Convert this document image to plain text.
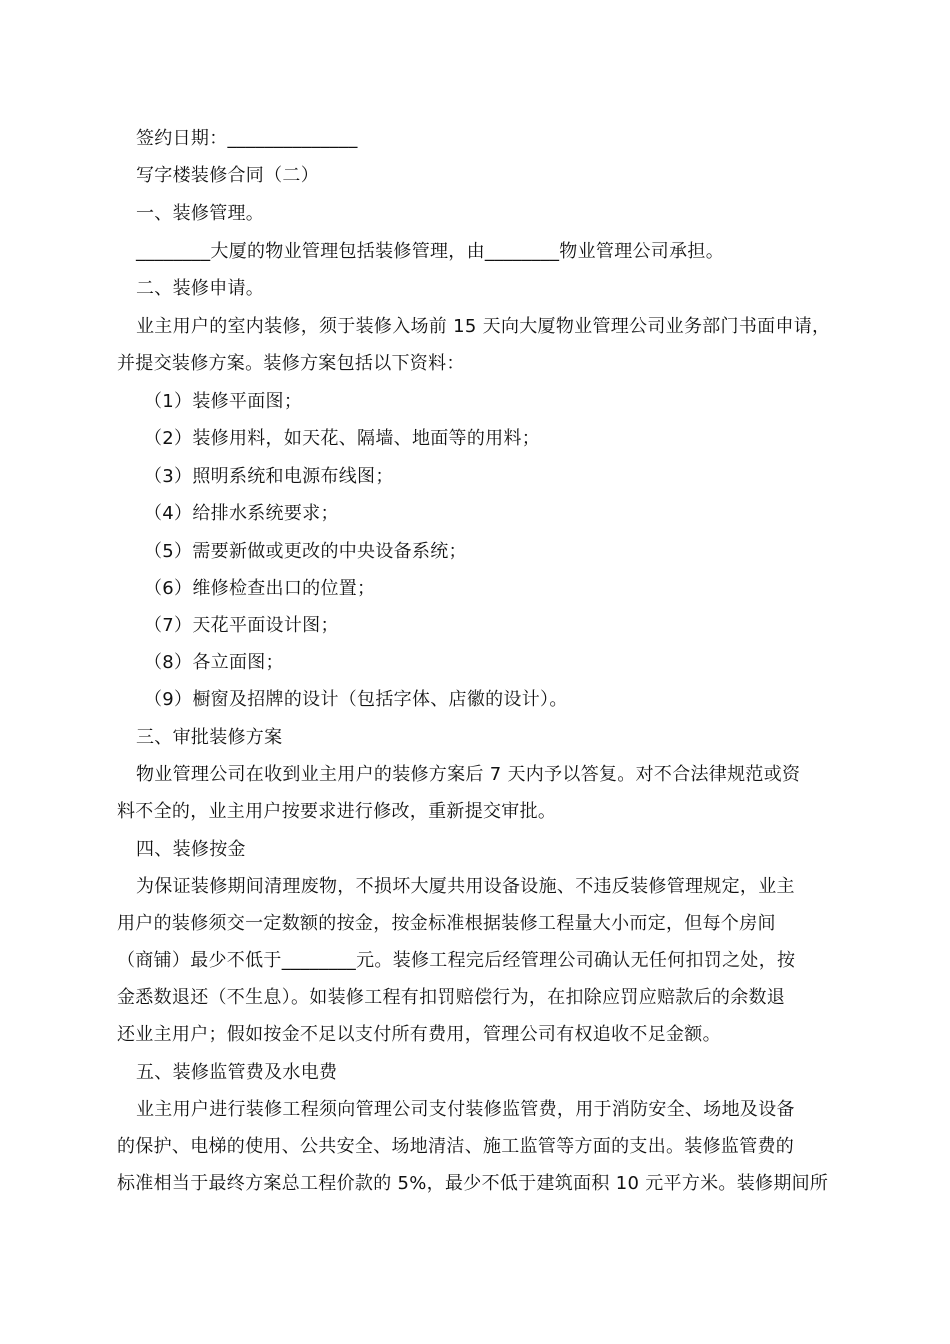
签约日期：______________
写字楼装修合同（二）
一、装修管理。
________大厦的物业管理包括装修管理，由________物业管理公司承担。
二、装修申请。
业主用户的室内装修，须于装修入场前 15 天向大厦物业管理公司业务部门书面申请，
并提交装修方案。装修方案包括以下资料：
（1）装修平面图；
（2）装修用料，如天花、隔墙、地面等的用料；
（3）照明系统和电源布线图；
（4）给排水系统要求；
（5）需要新做或更改的中央设备系统；
（6）维修检查出口的位置；
（7）天花平面设计图；
（8）各立面图；
（9）橱窗及招牌的设计（包括字体、店徽的设计）。
三、审批装修方案
物业管理公司在收到业主用户的装修方案后 7 天内予以答复。对不合法律规范或资
料不全的，业主用户按要求进行修改，重新提交审批。
四、装修按金
为保证装修期间清理废物，不损坏大厦共用设备设施、不违反装修管理规定，业主
用户的装修须交一定数额的按金，按金标准根据装修工程量大小而定，但每个房间
（商铺）最少不低于________元。装修工程完后经管理公司确认无任何扣罚之处，按
金悉数退还（不生息）。如装修工程有扣罚赔偿行为，在扣除应罚应赔款后的余数退
还业主用户；假如按金不足以支付所有费用，管理公司有权追收不足金额。
五、装修监管费及水电费
业主用户进行装修工程须向管理公司支付装修监管费，用于消防安全、场地及设备
的保护、电梯的使用、公共安全、场地清洁、施工监管等方面的支出。装修监管费的
标准相当于最终方案总工程价款的 5%，最少不低于建筑面积 10 元平方米。装修期间所
